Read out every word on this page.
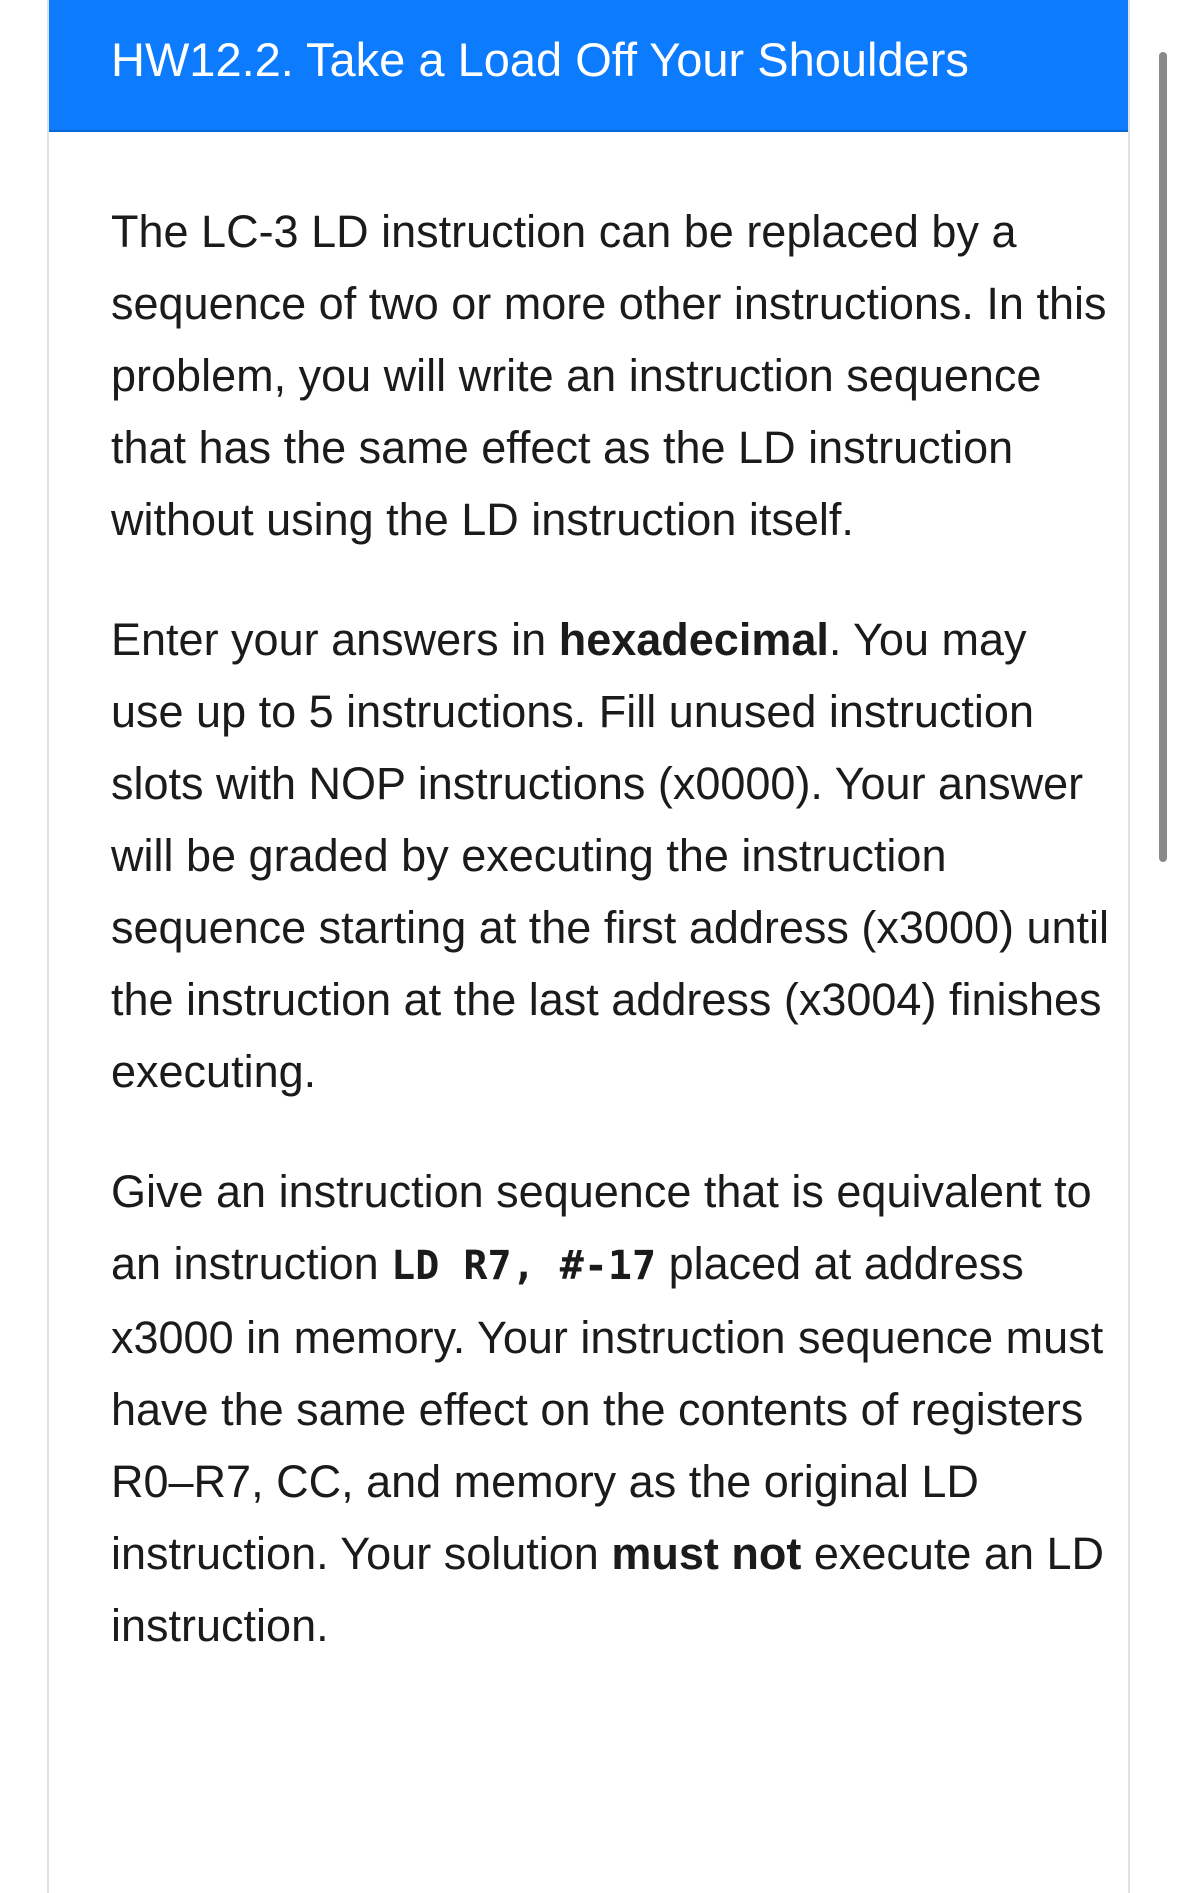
HW12.2. Take a Load Off Your Shoulders

The LC-3 LD instruction can be replaced by a sequence of two or more other instructions. In this problem, you will write an instruction sequence that has the same effect as the LD instruction without using the LD instruction itself.

Enter your answers in hexadecimal. You may use up to 5 instructions. Fill unused instruction slots with NOP instructions (x0000). Your answer will be graded by executing the instruction sequence starting at the first address (x3000) until the instruction at the last address (x3004) finishes executing.

Give an instruction sequence that is equivalent to an instruction LD R7, #-17 placed at address x3000 in memory. Your instruction sequence must have the same effect on the contents of registers R0–R7, CC, and memory as the original LD instruction. Your solution must not execute an LD instruction.
